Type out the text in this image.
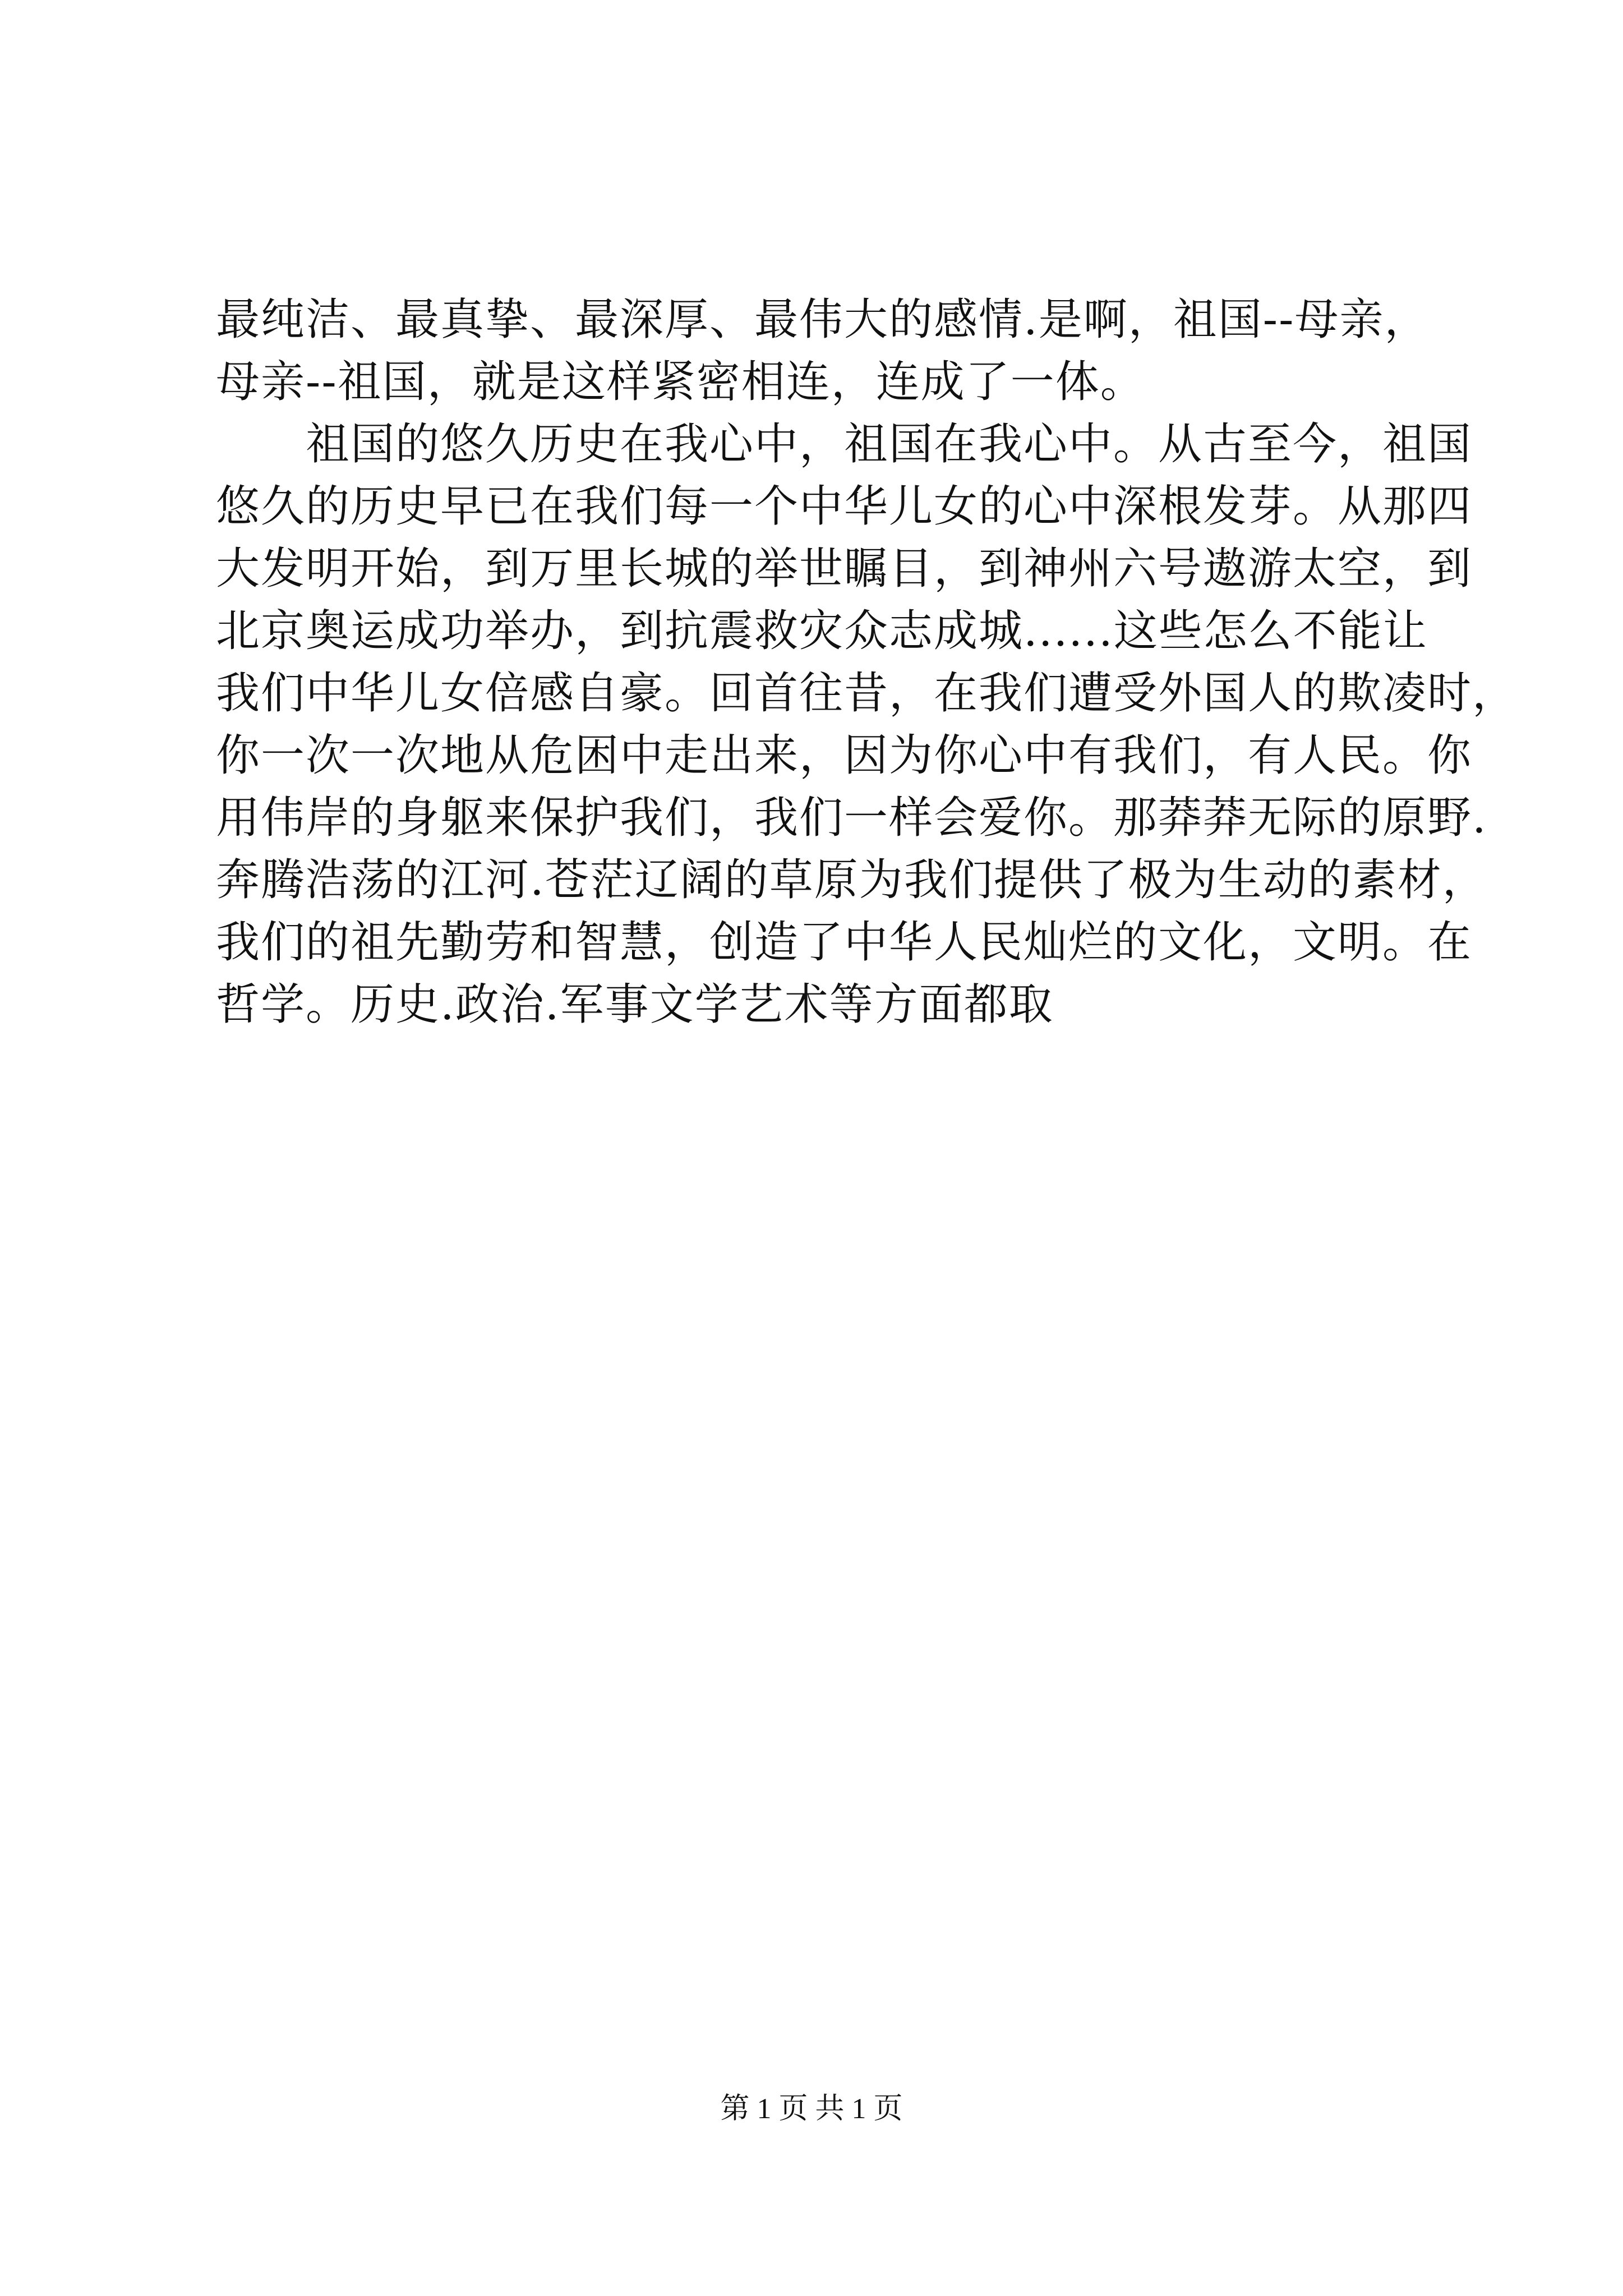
最纯洁、最真挚、最深厚、最伟大的感情.是啊，祖国--母亲，
母亲--祖国，就是这样紧密相连，连成了一体。
祖国的悠久历史在我心中，祖国在我心中。从古至今，祖国
悠久的历史早已在我们每一个中华儿女的心中深根发芽。从那四
大发明开始，到万里长城的举世瞩目，到神州六号遨游太空，到
北京奥运成功举办，到抗震救灾众志成城......这些怎么不能让
我们中华儿女倍感自豪。回首往昔，在我们遭受外国人的欺凌时，
你一次一次地从危困中走出来，因为你心中有我们，有人民。你
用伟岸的身躯来保护我们，我们一样会爱你。那莽莽无际的原野.
奔腾浩荡的江河.苍茫辽阔的草原为我们提供了极为生动的素材，
我们的祖先勤劳和智慧，创造了中华人民灿烂的文化，文明。在
哲学。历史.政治.军事文学艺术等方面都取
第 1 页 共 1 页
